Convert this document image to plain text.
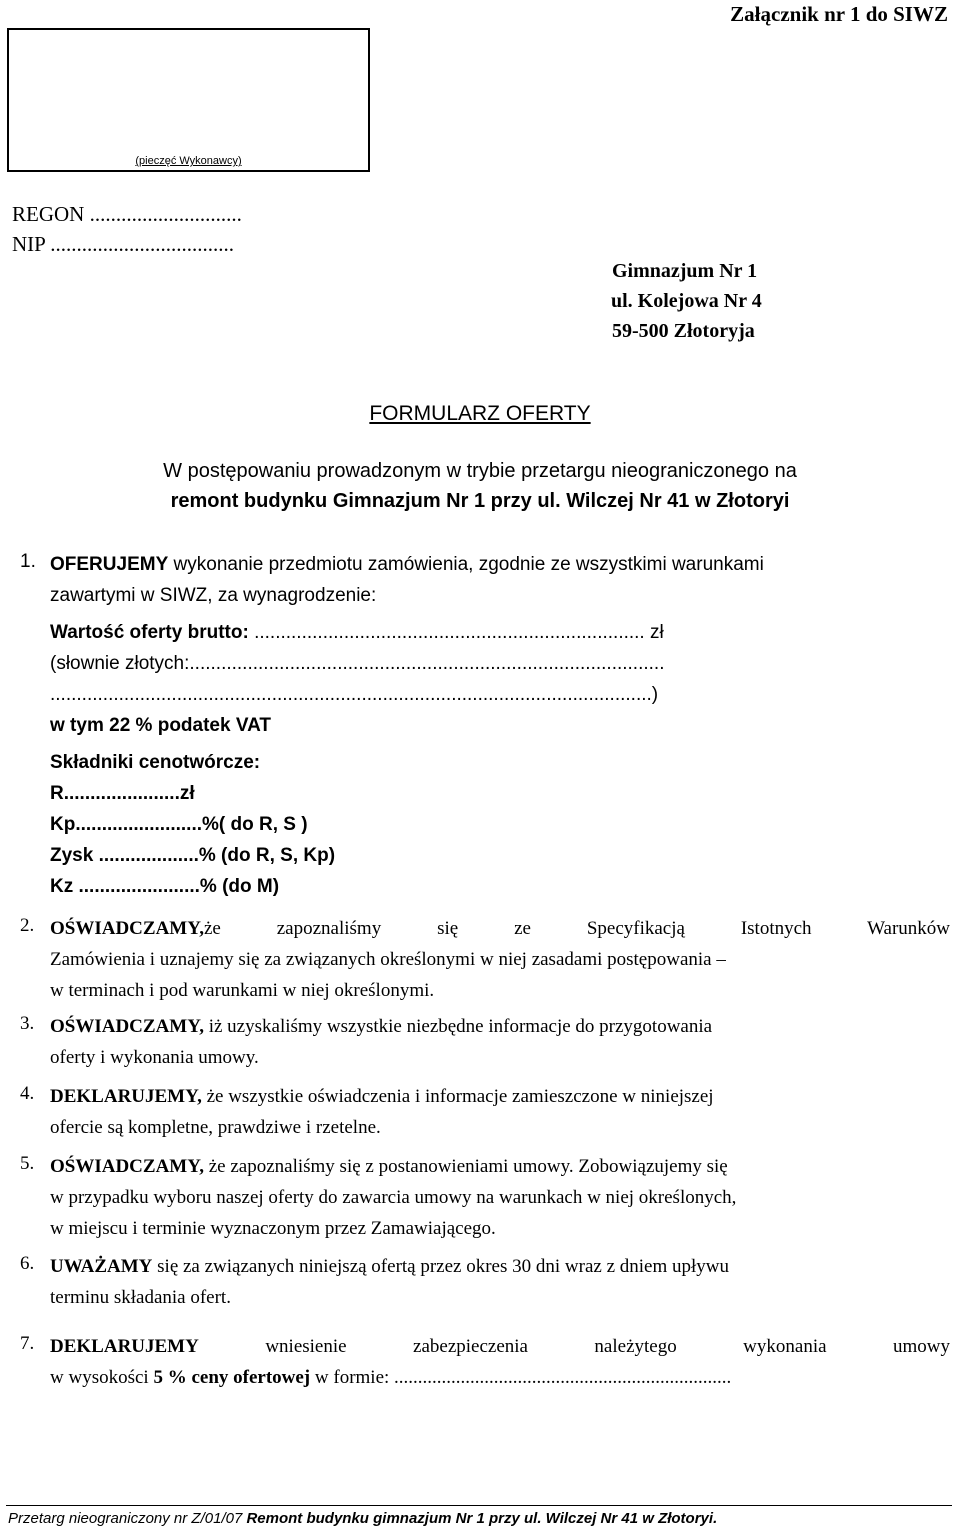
Załącznik nr 1 do SIWZ
(pieczęć Wykonawcy)
REGON .............................
NIP ...................................
Gimnazjum Nr 1
ul. Kolejowa Nr 4
59-500 Złotoryja
FORMULARZ OFERTY
W postępowaniu prowadzonym w trybie przetargu nieograniczonego na
remont budynku Gimnazjum Nr 1 przy ul. Wilczej Nr 41 w Złotoryi
1. OFERUJEMY wykonanie przedmiotu zamówienia, zgodnie ze wszystkimi warunkami
zawartymi w SIWZ, za wynagrodzenie:
Wartość oferty brutto: .......................................................................... zł
(słownie złotych:..........................................................................................
..................................................................................................................)
w tym 22 % podatek VAT
Składniki cenotwórcze:
R......................zł
Kp........................%( do R, S )
Zysk ...................% (do R, S, Kp)
Kz .......................% (do M)
2. OŚWIADCZAMY, że zapoznaliśmy się ze Specyfikacją Istotnych Warunków
Zamówienia i uznajemy się za związanych określonymi w niej zasadami postępowania –
w terminach i pod warunkami w niej określonymi.
3. OŚWIADCZAMY, iż uzyskaliśmy wszystkie niezbędne informacje do przygotowania
oferty i wykonania umowy.
4. DEKLARUJEMY, że wszystkie oświadczenia i informacje zamieszczone w niniejszej
ofercie są kompletne, prawdziwe i rzetelne.
5. OŚWIADCZAMY, że zapoznaliśmy się z postanowieniami umowy. Zobowiązujemy się
w przypadku wyboru naszej oferty do zawarcia umowy na warunkach w niej określonych,
w miejscu i terminie wyznaczonym przez Zamawiającego.
6. UWAŻAMY się za związanych niniejszą ofertą przez okres 30 dni wraz z dniem upływu
terminu składania ofert.
7. DEKLARUJEMY wniesienie zabezpieczenia należytego wykonania umowy
w wysokości 5 % ceny ofertowej w formie: .......................................................................
Przetarg nieograniczony nr Z/01/07 Remont budynku gimnazjum Nr 1 przy ul. Wilczej Nr 41 w Złotoryi.
